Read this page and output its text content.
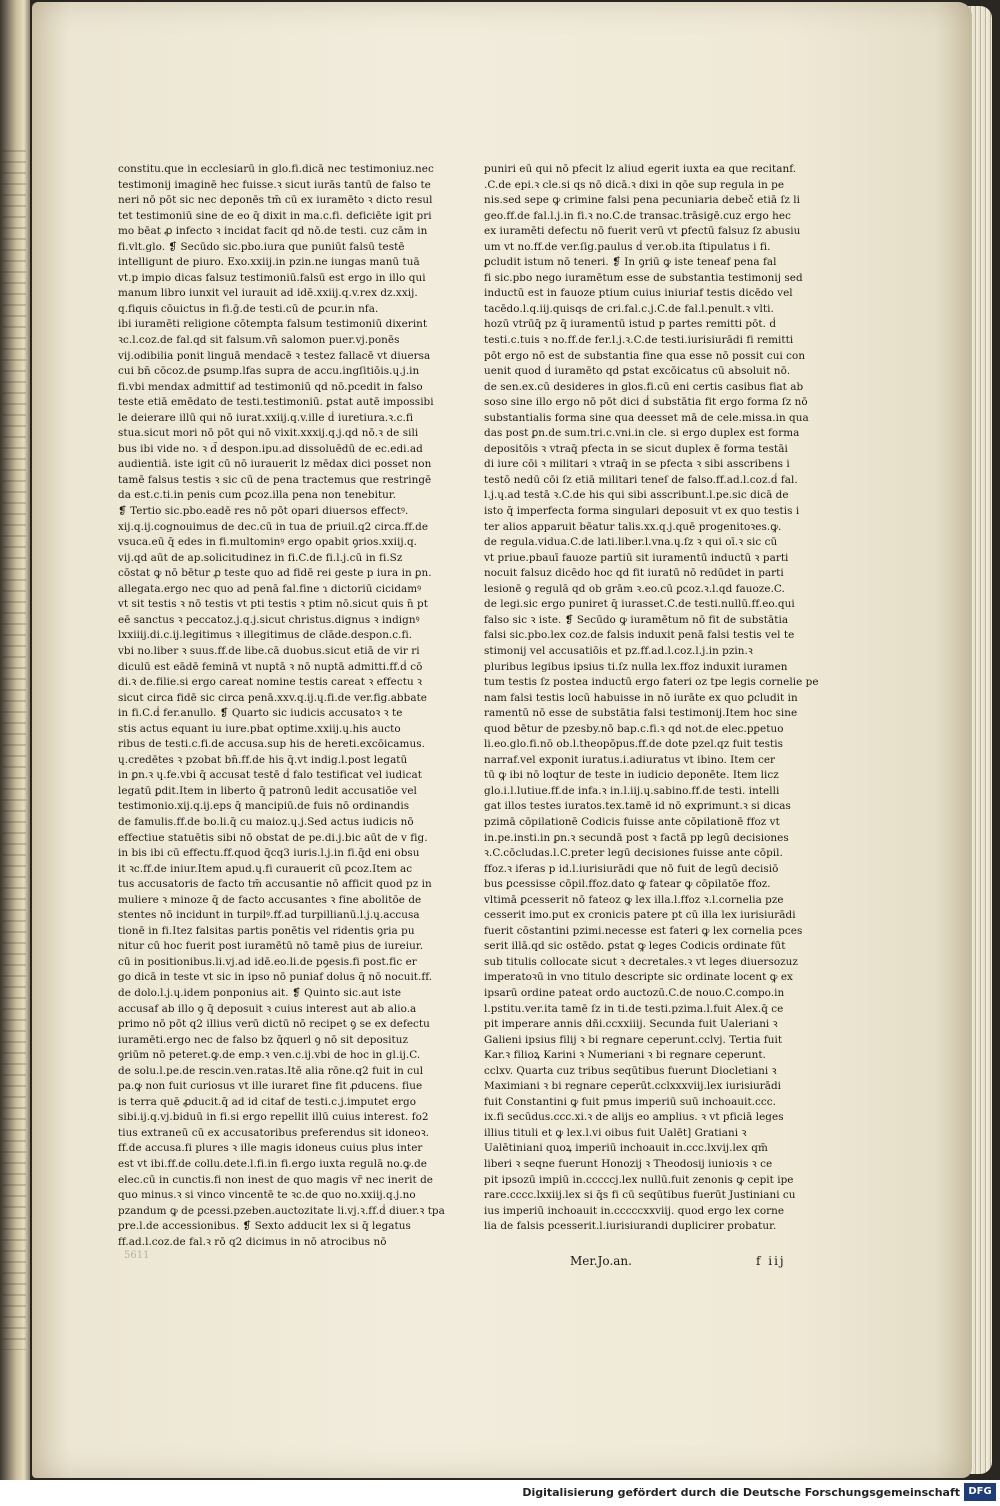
constitu.que in ecclesiarū in glo.fi.dicā nec testimoniuz.nec
testimonij imaginē hec fuisse.ꝛ sicut iurās tantū de falso te
neri nō pōt sic nec deponēs tm̄ cū ex iuramēto ꝛ dicto resul
tet testimoniū sine de eo q̄ dixit in ma.c.fi. deficiēte igit pri
mo bēat ꝓ infecto ꝛ incidat facit qd nō.de testi. cuz cām in
fi.vlt.glo. ❡ Secūdo sic.pbo.iura que puniūt falsū testē
intelligunt de piuro. Exo.xxiij.in pzin.ne iungas manū tuā
vt.p impio dicas falsuz testimoniū.falsū est ergo in illo qui
manum libro iunxit vel iurauit ad idē.xxiij.q.v.rex dz.xxij.
q.fiquis cōuictus in fi.ḡ.de testi.cū de ꝑcur.in nfa.
ibi iuramēti religione cōtempta falsum testimoniū dixerint
ꝛc.l.coz.de fal.qd sit falsum.vn̄ salomon puer.vj.ponēs
vij.odibilia ponit linguā mendacē ꝛ testez fallacē vt diuersa
cui bn̄ cōcoz.de ꝑsump.lfas supra de accu.ingſitiōis.ɥ.j.in
fi.vbi mendax admittif ad testimoniū qd nō.pcedit in falso
teste etiā emēdato de testi.testimoniū. ꝑstat autē impossibi
le deierare illū qui nō iurat.xxiij.q.v.ille ḋ iuretiura.ꝛ.c.fi
stua.sicut mori nō pōt qui nō vixit.xxxij.q.j.qd nō.ꝛ de sili
bus ibi vide no. ꝛ d̃ despon.ipu.ad dissoluēdū de ec.edi.ad
audientiā. iste igit cū nō iurauerit lz mēdax dici posset non
tamē falsus testis ꝛ sic cū de pena tractemus que restringē
da est.c.ti.in penis cum ꝑcoz.illa pena non tenebitur.
❡ Tertio sic.pbo.eadē res nō pōt opari diuersos effectꝰ.
xij.q.ij.cognouimus de dec.cū in tua de priuil.q2 circa.ff.de
vsuca.eū q̄ edes in fi.multominꝰ ergo opabit ꝯrios.xxiij.q.
vij.qd aūt de ap.solicitudinez in fi.C.de fi.l.j.cū in fi.Sz
cōstat ꝙ nō bētur ꝓ teste quo ad fidē rei geste p iura in ꝑn.
allegata.ergo nec quo ad penā fal.fine ɿ dictoriū cicidamꝰ
vt sit testis ꝛ nō testis vt pti testis ꝛ ptim nō.sicut quis n̄ pt
eē sanctus ꝛ peccatoz.j.q.j.sicut christus.dignus ꝛ indignꝰ
lxxiiij.di.c.ij.legitimus ꝛ illegitimus de clāde.despon.c.fi.
vbi no.liber ꝛ suus.ff.de libe.cā duobus.sicut etiā de vir ri
diculū est eādē feminā vt nuptā ꝛ nō nuptā admitti.ff.ḋ cō
di.ꝛ de.filie.si ergo careat nomine testis careat ꝛ effectu ꝛ
sicut circa fidē sic circa penā.xxv.q.ij.ɥ.fi.de ver.fig.abbate
in fi.C.ḋ fer.anullo. ❡ Quarto sic iudicis accusatoꝛ ꝛ te
stis actus equant iu iure.pbat optime.xxiij.ɥ.his aucto
ribus de testi.c.fi.de accusa.sup his de hereti.excōicamus.
ɥ.credētes ꝛ pzobat bn̄.ff.de his q̄.vt indig.l.post legatū
in ꝑn.ꝛ ɥ.fe.vbi q̄ accusat testē ḋ falo testificat vel iudicat
legatū ꝑdit.Item in liberto q̄ patronū ledit accusatiōe vel
testimonio.xij.q.ij.eps q̄ mancipiū.de fuis nō ordinandis
de famulis.ff.de bo.li.q̄ cu maioz.ɥ.j.Sed actus iudicis nō
effectiue statuētis sibi nō obstat de pe.di.j.bic aūt de v fig.
in bis ibi cū effectu.ff.quod q̄cq3 iuris.l.j.in fi.q̄d eni obsu
it ꝛc.ff.de iniur.Item apud.ɥ.fi curauerit cū ꝑcoz.Item ac
tus accusatoris de facto tm̄ accusantie nō afficit quod pz in
muliere ꝛ minoze q̄ de facto accusantes ꝛ fine abolitōe de
stentes nō incidunt in turpilꝰ.ff.ad turpillianū.l.j.ɥ.accusa
tionē in fi.Itez falsitas partis ponētis vel ridentis ꝯria pu
nitur cū hoc fuerit post iuramētū nō tamē pius de iureiur.
cū in positionibus.li.vj.ad idē.eo.li.de pꝯesis.fi post.fic er
go dicā in teste vt sic in ipso nō puniaf dolus q̄ nō nocuit.ff.
de dolo.l.j.ɥ.idem ponponius ait. ❡ Quinto sic.aut iste
accusaf ab illo ꝯ q̄ deposuit ꝛ cuius interest aut ab alio.a
primo nō pōt q2 illius verū dictū nō recipet ꝯ se ex defectu
iuramēti.ergo nec de falso bz q̄querl ꝯ nō sit deposituz
ꝯriūm nō peteret.ꝙ.de emp.ꝛ ven.c.ij.vbi de hoc in gl.ij.C.
de solu.l.pe.de rescin.ven.ratas.Itē alia rōne.q2 fuit in cul
pa.ꝙ non fuit curiosus vt ille iuraret fine fit ꝓducens. fiue
is terra quē ꝓducit.q̄ ad id citaf de testi.c.j.imputet ergo
sibi.ij.q.vj.biduū in fi.si ergo repellit illū cuius interest. fo2
tius extraneū cū ex accusatoribus preferendus sit idoneoꝛ.
ff.de accusa.fi plures ꝛ ille magis idoneus cuius plus inter
est vt ibi.ff.de collu.dete.l.fi.in fi.ergo iuxta regulā no.ꝙ.de
elec.cū in cunctis.fi non inest de quo magis vr̄ nec inerit de
quo minus.ꝛ si vinco vincentē te ꝛc.de quo no.xxiij.q.j.no
pzandum ꝙ de ꝑcessi.pzeben.auctozitate li.vj.ꝛ.ff.ḋ diuer.ꝛ tpa
pre.l.de accessionibus. ❡ Sexto adducit lex si q̄ legatus
ff.ad.l.coz.de fal.ꝛ rō q2 dicimus in nō atrocibus nō
puniri eū qui nō pfecit lz aliud egerit iuxta ea que recitanf.
.C.de epi.ꝛ cle.si qs nō dicā.ꝛ dixi in qōe sup regula in pe
nis.sed sepe ꝙ crimine falsi pena pecuniaria debeč etiā ſz li
geo.ff.de fal.l.j.in fi.ꝛ no.C.de transac.trāsigē.cuz ergo hec
ex iuramēti defectu nō fuerit verū vt ꝑfectū falsuz ſz abusiu
um vt no.ff.de ver.ſig.paulus ḋ ver.ob.ita ſtipulatus i fi.
ꝑcludit istum nō teneri. ❡ In ꝯriū ꝙ iste teneaf pena fal
fi sic.pbo nego iuramētum esse de substantia testimonij sed
inductū est in fauoze ptium cuius iniuriaf testis dicēdo vel
tacēdo.l.q.iij.quisqs de cri.fal.c.j.C.de fal.l.penult.ꝛ vlti.
hozū vtrūq̄ pz q̄ iuramentū istud p partes remitti pōt. ḋ
testi.c.tuis ꝛ no.ff.de fer.l.j.ꝛ.C.de testi.iurisiurādi fi remitti
pōt ergo nō est de substantia fine qua esse nō possit cui con
uenit quod ḋ iuramēto qd ꝑstat excōicatus cū absoluit nō.
de sen.ex.cū desideres in glos.fi.cū eni certis casibus fiat ab
soso sine illo ergo nō pōt dici ḋ substātia fit ergo forma ſz nō
substantialis forma sine qua deesset mā de cele.missa.in qua
das post ꝑn.de sum.tri.c.vni.in cle. si ergo duplex est forma
depositōis ꝛ vtraq̄ pfecta in se sicut duplex ē forma testāi
di iure cōi ꝛ militari ꝛ vtraq̄ in se pfecta ꝛ sibi asscribens i
testō nedū cōi ſz etiā militari teneſ de falso.ff.ad.l.coz.ḋ fal.
l.j.ɥ.ad testā ꝛ.C.de his qui sibi asscribunt.l.pe.sic dicā de
isto q̄ imperfecta forma singulari deposuit vt ex quo testis i
ter alios apparuit bēatur talis.xx.q.j.quē progenitoꝛes.ꝙ.
de regula.vidua.C.de lati.liber.l.vna.ɥ.ſz ꝛ qui oī.ꝛ sic cū
vt priue.pbauī fauoze partiū sit iuramentū inductū ꝛ parti
nocuit falsuz dicēdo hoc qd fit iuratū nō redūdet in parti
lesionē ꝯ regulā qd ob grām ꝛ.eo.cū ꝑcoz.ꝛ.l.qd fauoze.C.
de legi.sic ergo puniret q̄ iurasset.C.de testi.nullū.ff.eo.qui
falso sic ꝛ iste. ❡ Secūdo ꝙ iuramētum nō fit de substātia
falsi sic.pbo.lex coz.de falsis induxit penā falsi testis vel te
stimonij vel accusatiōis et pz.ff.ad.l.coz.l.j.in pzin.ꝛ
pluribus legibus ipsius ti.ſz nulla lex.ffoz induxit iuramen
tum testis ſz postea inductū ergo fateri oz tpe legis cornelie pe
nam falsi testis locū habuisse in nō iurāte ex quo ꝑcludit in
ramentū nō esse de substātia falsi testimonij.Item hoc sine
quod bētur de pzesby.nō bap.c.fi.ꝛ qd not.de elec.pꝑetuo
li.eo.glo.fi.nō ob.l.theopōpus.ff.de dote pzel.qz fuit testis
narraf.vel exponit iuratus.i.adiuratus vt ibino. Item cer
tū ꝙ ibi nō loqtur de teste in iudicio deponēte. Item licz
glo.i.l.lutiue.ff.de infa.ꝛ in.l.iij.ɥ.sabino.ff.de testi. intelli
gat illos testes iuratos.tex.tamē id nō exꝑrimunt.ꝛ si dicas
pzimā cōpilationē Codicis fuisse ante cōpilationē ffoz vt
in.pe.insti.in ꝑn.ꝛ secundā post ꝛ factā pp legū decisiones
ꝛ.C.cōcludas.l.C.preter legū decisiones fuisse ante cōpil.
ffoz.ꝛ iferas p id.l.iurisiurādi que nō fuit de legū decisiō
bus ꝑcessisse cōpil.ffoz.dato ꝙ fatear ꝙ cōpilatōe ffoz.
vltimā ꝑcesserit nō fateoz ꝙ lex illa.l.ffoz ꝛ.l.cornelia pze
cesserit imo.put ex cronicis patere pt cū illa lex iurisiurādi
fuerit cōstantini pzimi.necesse est fateri ꝙ lex cornelia pces
serit illā.qd sic ostēdo. ꝑstat ꝙ leges Codicis ordinate fūt
sub titulis collocate sicut ꝛ decretales.ꝛ vt leges diuersozuz
imperatoꝛū in vno titulo descripte sic ordinate locent ꝙ ex
ipsarū ordine pateat ordo auctozū.C.de nouo.C.compo.in
l.pstitu.ver.ita tamē ſz in ti.de testi.pzima.l.fuit Alex.q̄ ce
pit imperare annis dñi.ccxxiiij. Secunda fuit Ualeriani ꝛ
Galieni ipsius filij ꝛ bi regnare ceperunt.cclvj. Tertia fuit
Kar.ꝛ filioꝝ Karini ꝛ Numeriani ꝛ bi regnare ceperunt.
cclxv. Quarta cuz tribus seqūtibus fuerunt Diocletiani ꝛ
Maximiani ꝛ bi regnare ceperūt.cclxxxviij.lex iurisiurādi
fuit Constantini ꝙ fuit pmus imperiū suū inchoauit.ccc.
ix.fi secūdus.ccc.xi.ꝛ de alijs eo amplius. ꝛ vt pficiā leges
illius tituli et ꝙ lex.l.vi oibus fuit Ualēt] Gratiani ꝛ
Ualētiniani quoꝝ imperiū inchoauit in.ccc.lxvij.lex qm̄
liberi ꝛ seqne fuerunt Honozij ꝛ Theodosij iunioꝛis ꝛ ce
pit ipsozū impiū in.cccccj.lex nullū.fuit zenonis ꝙ cepit ipe
rare.cccc.lxxiij.lex si q̄s fi cū seqūtibus fuerūt Justiniani cu
ius imperiū inchoauit in.cccccxxviij. quod ergo lex corne
lia de falsis pcesserit.l.iurisiurandi duplicirer probatur.
5611	Mer.Jo.an.	f iij
Digitalisierung gefördert durch die Deutsche Forschungsgemeinschaft DFG
